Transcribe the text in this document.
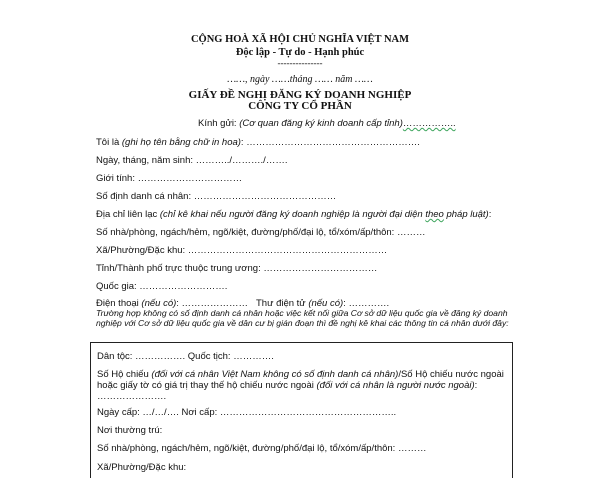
CỘNG HOÀ XÃ HỘI CHỦ NGHĨA VIỆT NAM
Độc lập - Tự do - Hạnh phúc
---------------
……, ngày ……tháng …… năm ……
GIẤY ĐỀ NGHỊ ĐĂNG KÝ DOANH NGHIỆP
CÔNG TY CỔ PHẦN
Kính gửi: (Cơ quan đăng ký kinh doanh cấp tỉnh)……………..
Tôi là (ghi họ tên bằng chữ in hoa): ……………………………………………….
Ngày, tháng, năm sinh: ………../………./…….
Giới tính: ……………………………
Số định danh cá nhân: ………………………………………
Địa chỉ liên lạc (chỉ kê khai nếu người đăng ký doanh nghiệp là người đại diện theo pháp luật):
Số nhà/phòng, ngách/hẻm, ngõ/kiệt, đường/phố/đại lộ, tổ/xóm/ấp/thôn: ………
Xã/Phường/Đặc khu: ………………………………………………………
Tỉnh/Thành phố trực thuộc trung ương: ………………………………
Quốc gia: ……………………….
Điện thoại (nếu có): ………………… Thư điện tử (nếu có): ………….
Trường hợp không có số định danh cá nhân hoặc việc kết nối giữa Cơ sở dữ liệu quốc gia về đăng ký doanh nghiệp với Cơ sở dữ liệu quốc gia về dân cư bị gián đoạn thì đề nghị kê khai các thông tin cá nhân dưới đây:
Dân tộc: ……………. Quốc tịch: ………….
Số Hộ chiếu (đối với cá nhân Việt Nam không có số định danh cá nhân)/Số Hộ chiếu nước ngoài hoặc giấy tờ có giá trị thay thế hộ chiếu nước ngoài (đối với cá nhân là người nước ngoài):
………………….
Ngày cấp: …/…/…. Nơi cấp: ………………………………………………..
Nơi thường trú:
Số nhà/phòng, ngách/hẻm, ngõ/kiệt, đường/phố/đại lộ, tổ/xóm/ấp/thôn: ………
Xã/Phường/Đặc khu:
